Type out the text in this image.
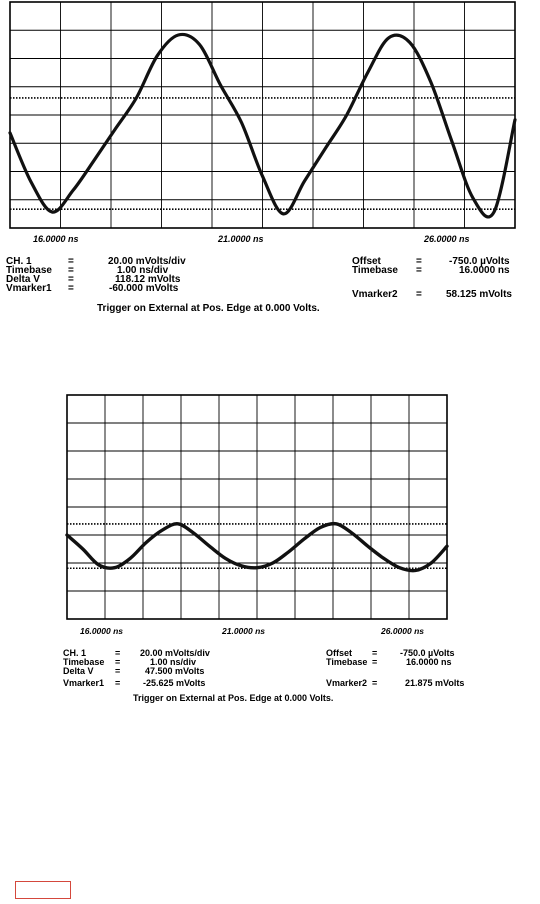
16.0000 ns	21.0000 ns	26.0000 ns
CH. 1	=	20.00 mVolts/div
Timebase =	1.00 ns/div
Delta V	=	118.12 mVolts
Vmarker1 =	-60.000 mVolts
Offset	=	-750.0 µVolts
Timebase =	16.0000 ns
Vmarker2 = 58.125 mVolts
Trigger on External at Pos. Edge at 0.000 Volts.
16.0000 ns	21.0000 ns	26.0000 ns
CH. 1	= 20.00 mVolts/div
Timebase =	1.00 ns/div
Delta V =	47.500 mVolts
Vmarker1 =	-25.625 mVolts
Offset =	-750.0 µVolts
Timebase =	16.0000 ns
Vmarker2 =	21.875 mVolts
Trigger on External at Pos. Edge at 0.000 Volts.
